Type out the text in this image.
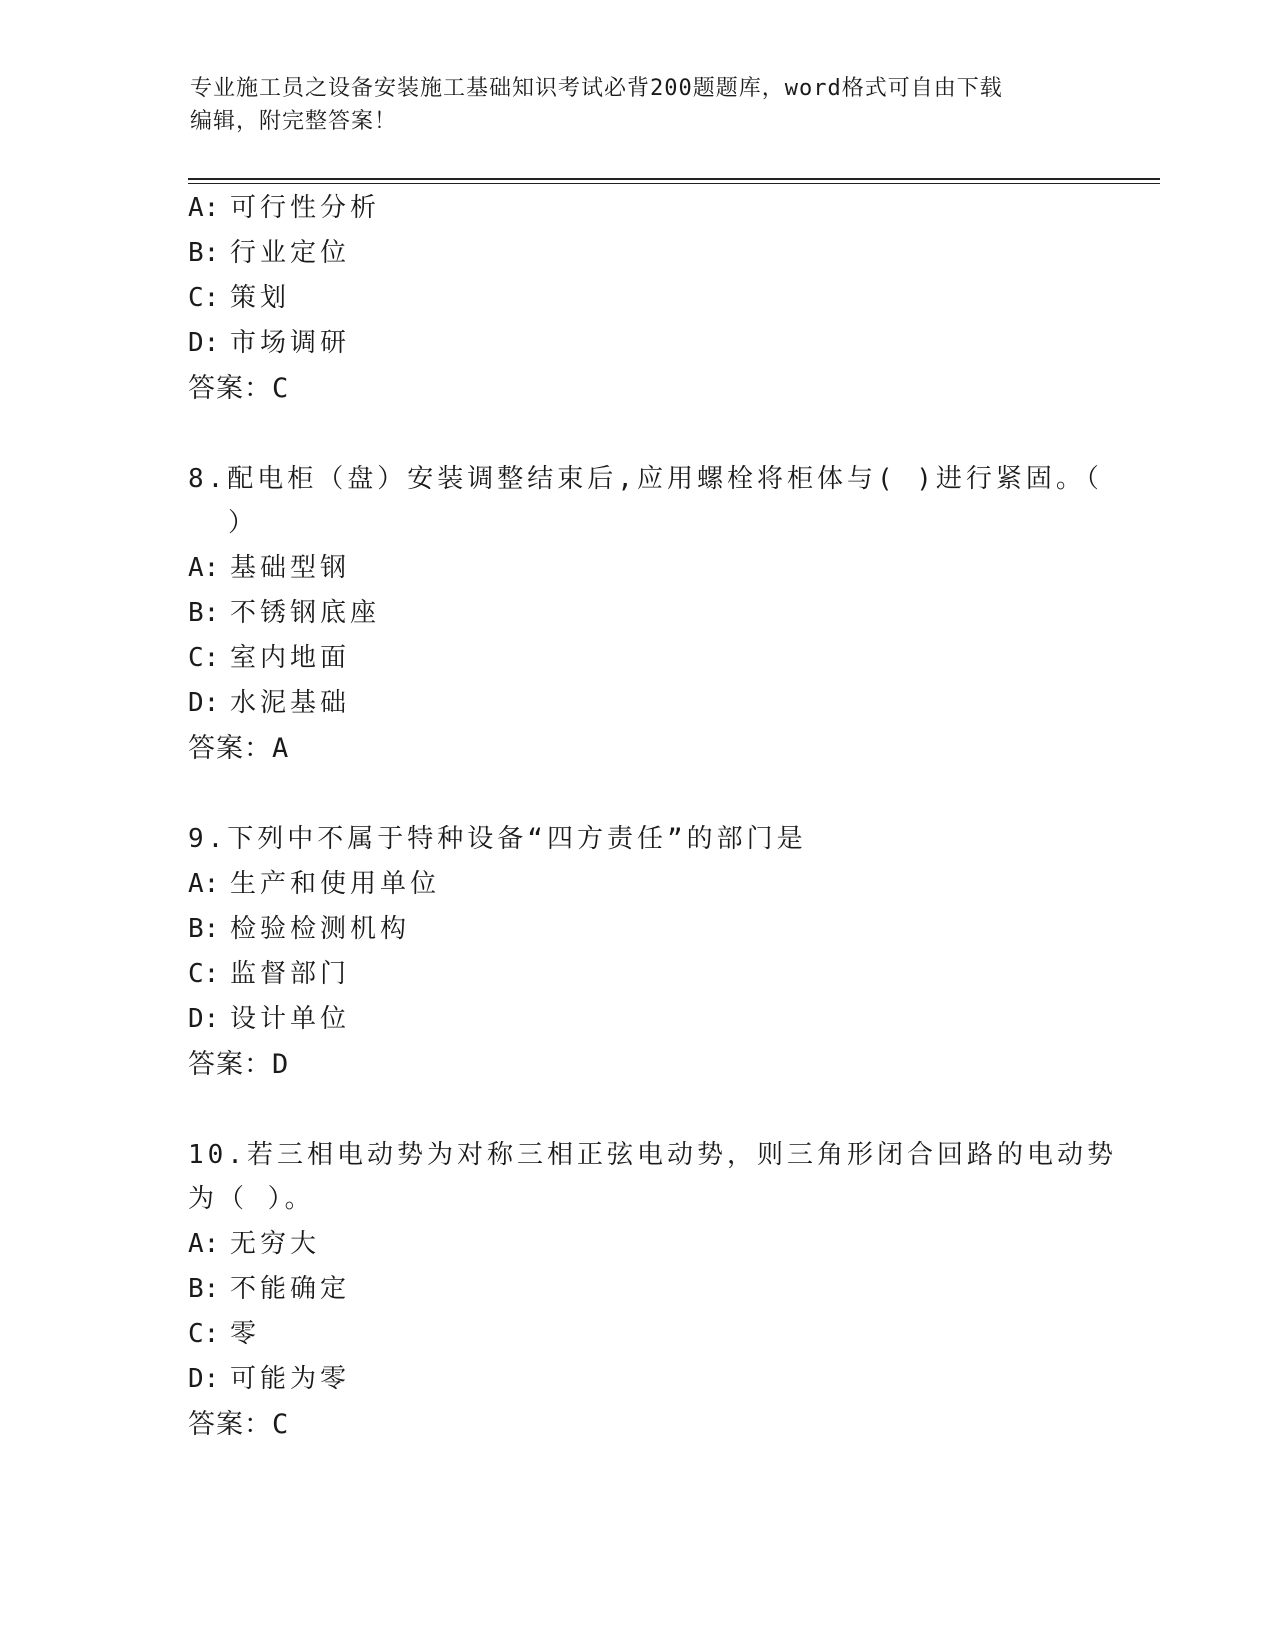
专业施工员之设备安装施工基础知识考试必背200题题库，word格式可自由下载
编辑，附完整答案！
A: 可行性分析
B: 行业定位
C: 策划
D: 市场调研
答案：C
8.配电柜（盘）安装调整结束后,应用螺栓将柜体与( )进行紧固。（
）
A: 基础型钢
B: 不锈钢底座
C: 室内地面
D: 水泥基础
答案：A
9.下列中不属于特种设备“四方责任”的部门是
A: 生产和使用单位
B: 检验检测机构
C: 监督部门
D: 设计单位
答案：D
10.若三相电动势为对称三相正弦电动势，则三角形闭合回路的电动势
为（ ）。
A: 无穷大
B: 不能确定
C: 零
D: 可能为零
答案：C
